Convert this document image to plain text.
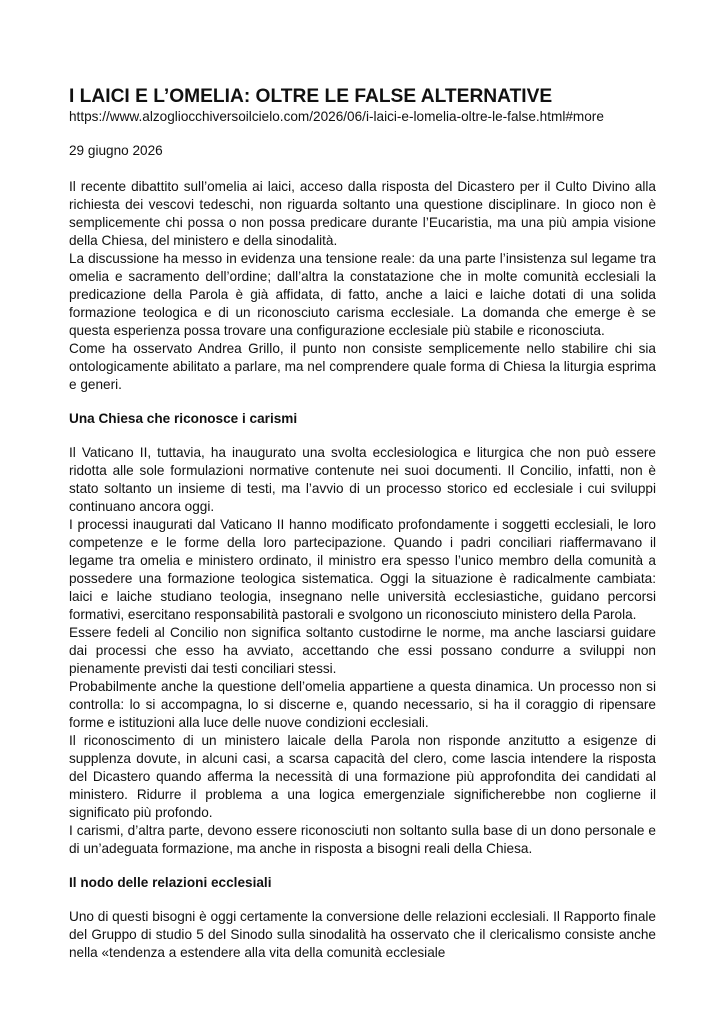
I LAICI E L’OMELIA: OLTRE LE FALSE ALTERNATIVE

https://www.alzogliocchiversoilcielo.com/2026/06/i-laici-e-lomelia-oltre-le-false.html#more

29 giugno 2026

Il recente dibattito sull’omelia ai laici, acceso dalla risposta del Dicastero per il Culto Divino alla richiesta dei vescovi tedeschi, non riguarda soltanto una questione disciplinare. In gioco non è semplicemente chi possa o non possa predicare durante l’Eucaristia, ma una più ampia visione della Chiesa, del ministero e della sinodalità.

La discussione ha messo in evidenza una tensione reale: da una parte l’insistenza sul legame tra omelia e sacramento dell’ordine; dall’altra la constatazione che in molte comunità ecclesiali la predicazione della Parola è già affidata, di fatto, anche a laici e laiche dotati di una solida formazione teologica e di un riconosciuto carisma ecclesiale. La domanda che emerge è se questa esperienza possa trovare una configurazione ecclesiale più stabile e riconosciuta.

Come ha osservato Andrea Grillo, il punto non consiste semplicemente nello stabilire chi sia ontologicamente abilitato a parlare, ma nel comprendere quale forma di Chiesa la liturgia esprima e generi.

Una Chiesa che riconosce i carismi

Il Vaticano II, tuttavia, ha inaugurato una svolta ecclesiologica e liturgica che non può essere ridotta alle sole formulazioni normative contenute nei suoi documenti. Il Concilio, infatti, non è stato soltanto un insieme di testi, ma l’avvio di un processo storico ed ecclesiale i cui sviluppi continuano ancora oggi.

I processi inaugurati dal Vaticano II hanno modificato profondamente i soggetti ecclesiali, le loro competenze e le forme della loro partecipazione. Quando i padri conciliari riaffermavano il legame tra omelia e ministero ordinato, il ministro era spesso l’unico membro della comunità a possedere una formazione teologica sistematica. Oggi la situazione è radicalmente cambiata: laici e laiche studiano teologia, insegnano nelle università ecclesiastiche, guidano percorsi formativi, esercitano responsabilità pastorali e svolgono un riconosciuto ministero della Parola.

Essere fedeli al Concilio non significa soltanto custodirne le norme, ma anche lasciarsi guidare dai processi che esso ha avviato, accettando che essi possano condurre a sviluppi non pienamente previsti dai testi conciliari stessi.

Probabilmente anche la questione dell’omelia appartiene a questa dinamica. Un processo non si controlla: lo si accompagna, lo si discerne e, quando necessario, si ha il coraggio di ripensare forme e istituzioni alla luce delle nuove condizioni ecclesiali.

Il riconoscimento di un ministero laicale della Parola non risponde anzitutto a esigenze di supplenza dovute, in alcuni casi, a scarsa capacità del clero, come lascia intendere la risposta del Dicastero quando afferma la necessità di una formazione più approfondita dei candidati al ministero. Ridurre il problema a una logica emergenziale significherebbe non coglierne il significato più profondo.

I carismi, d’altra parte, devono essere riconosciuti non soltanto sulla base di un dono personale e di un’adeguata formazione, ma anche in risposta a bisogni reali della Chiesa.

Il nodo delle relazioni ecclesiali

Uno di questi bisogni è oggi certamente la conversione delle relazioni ecclesiali. Il Rapporto finale del Gruppo di studio 5 del Sinodo sulla sinodalità ha osservato che il clericalismo consiste anche nella «tendenza a estendere alla vita della comunità ecclesiale
